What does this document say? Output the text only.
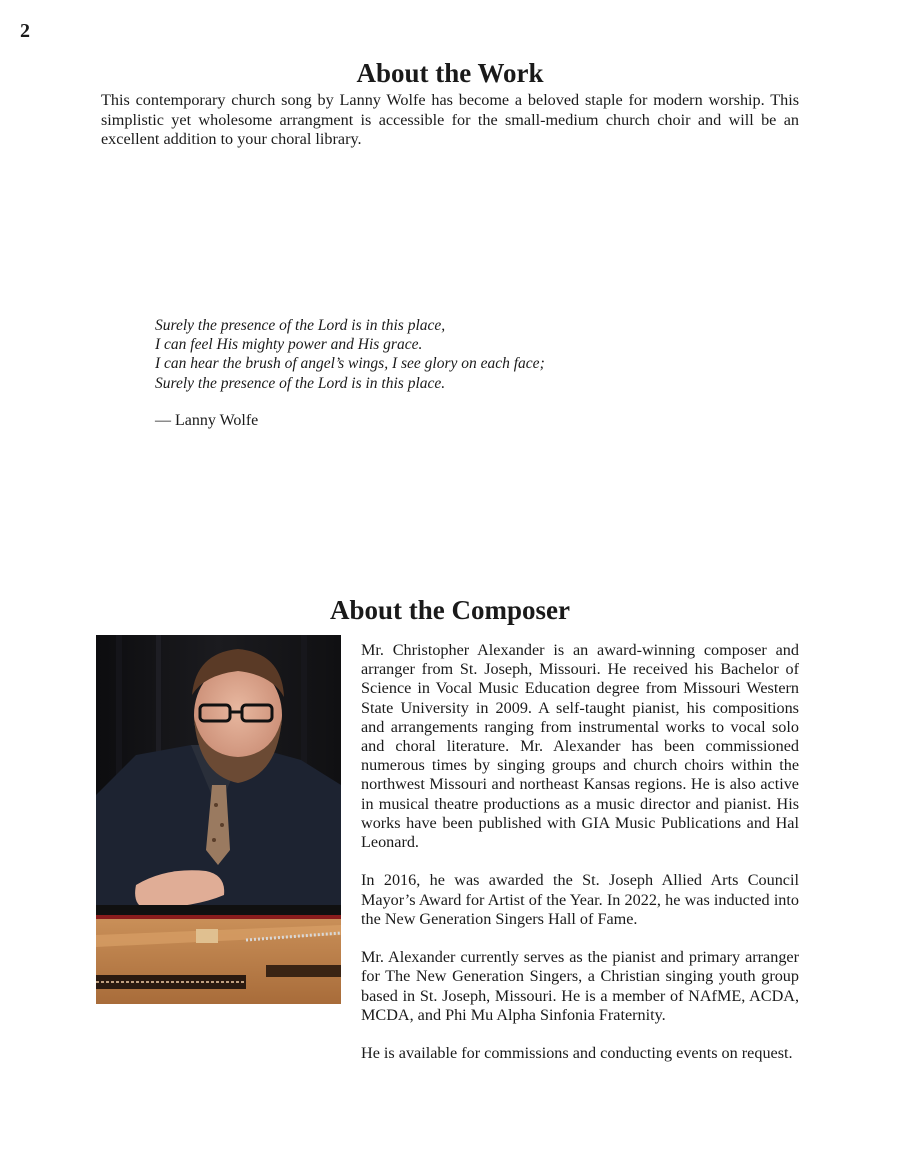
2
About the Work

This contemporary church song by Lanny Wolfe has become a beloved staple for modern worship. This simplistic yet wholesome arrangment is accessible for the small-medium church choir and will be an excellent addition to your choral library.

Surely the presence of the Lord is in this place,
I can feel His mighty power and His grace.
I can hear the brush of angel’s wings, I see glory on each face;
Surely the presence of the Lord is in this place.

— Lanny Wolfe

About the Composer

Mr. Christopher Alexander is an award-winning composer and arranger from St. Joseph, Missouri. He received his Bachelor of Science in Vocal Music Education degree from Missouri Western State University in 2009. A self-taught pianist, his compositions and arrangements ranging from instrumental works to vocal solo and choral literature. Mr. Alexander has been commissioned numerous times by singing groups and church choirs within the northwest Missouri and northeast Kansas regions. He is also active in musical theatre productions as a music director and pianist. His works have been published with GIA Music Publications and Hal Leonard.

In 2016, he was awarded the St. Joseph Allied Arts Council Mayor’s Award for Artist of the Year. In 2022, he was inducted into the New Generation Singers Hall of Fame.

Mr. Alexander currently serves as the pianist and primary arranger for The New Generation Singers, a Christian singing youth group based in St. Joseph, Missouri. He is a member of NAfME, ACDA, MCDA, and Phi Mu Alpha Sinfonia Fraternity.

He is available for commissions and conducting events on request.
